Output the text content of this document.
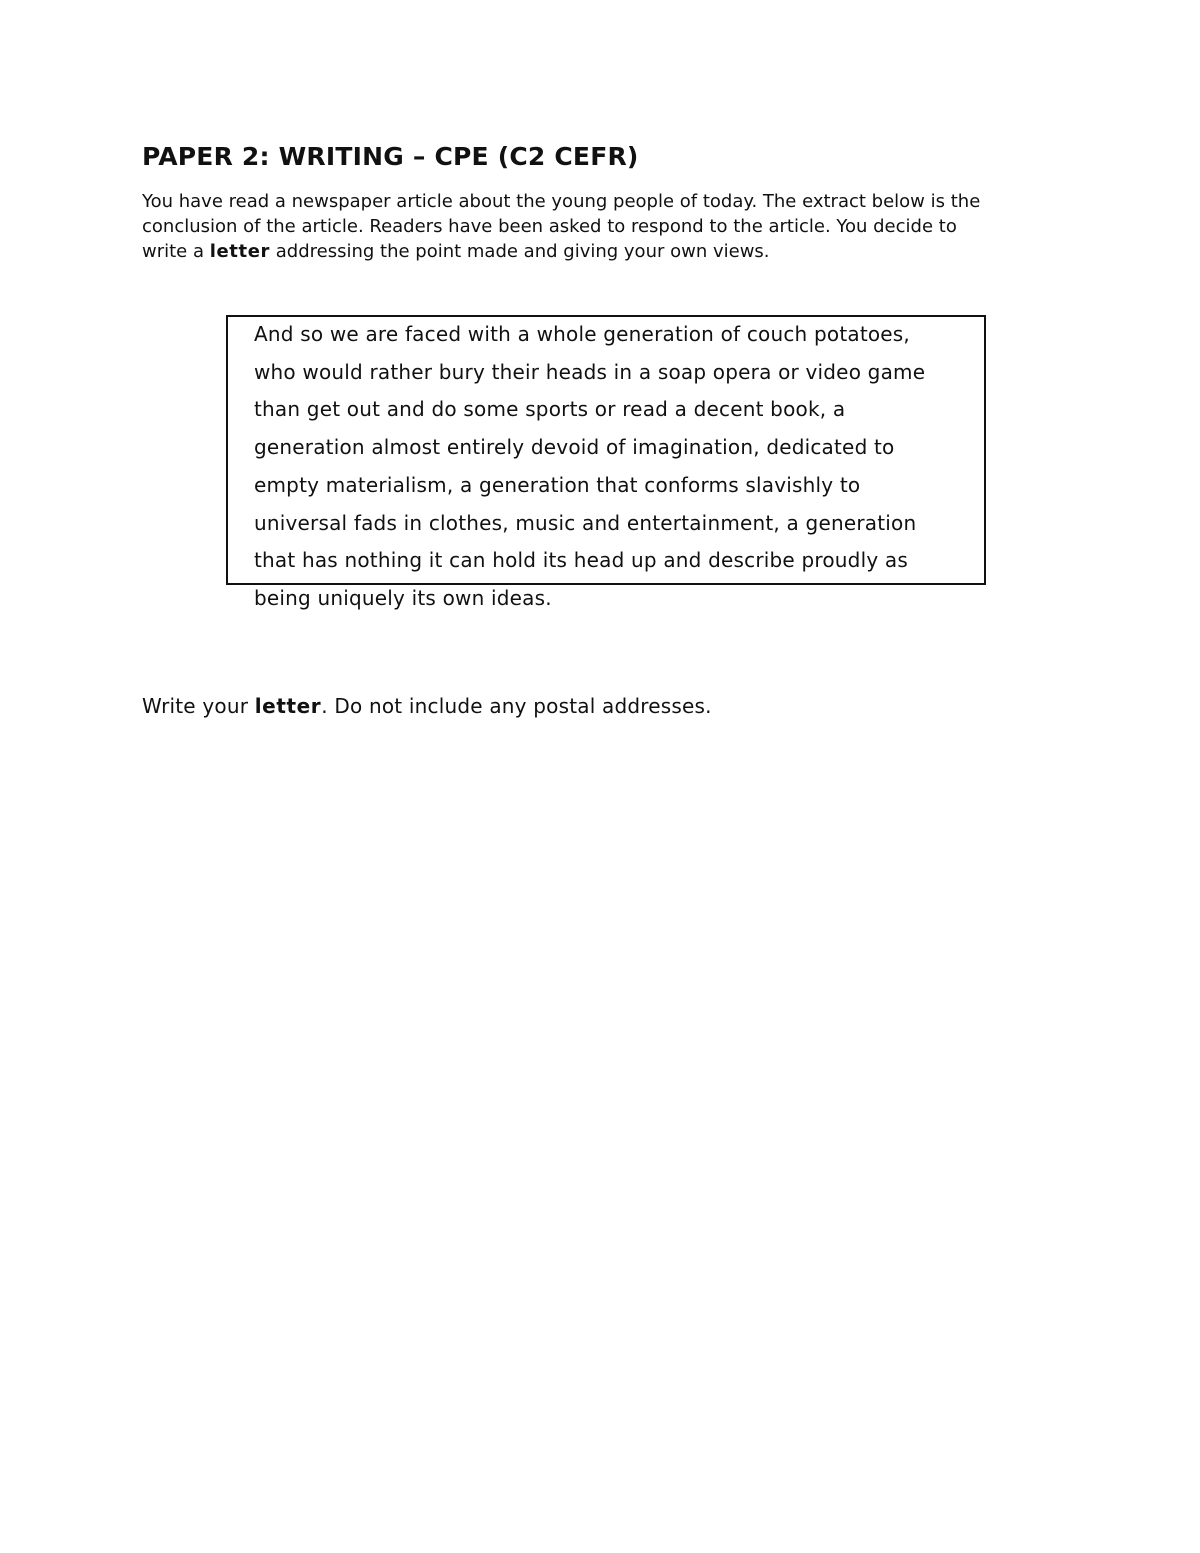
PAPER 2: WRITING – CPE (C2 CEFR)

You have read a newspaper article about the young people of today. The extract below is the
conclusion of the article. Readers have been asked to respond to the article. You decide to
write a letter addressing the point made and giving your own views.

And so we are faced with a whole generation of couch potatoes,
who would rather bury their heads in a soap opera or video game
than get out and do some sports or read a decent book, a
generation almost entirely devoid of imagination, dedicated to
empty materialism, a generation that conforms slavishly to
universal fads in clothes, music and entertainment, a generation
that has nothing it can hold its head up and describe proudly as
being uniquely its own ideas.

Write your letter. Do not include any postal addresses.
